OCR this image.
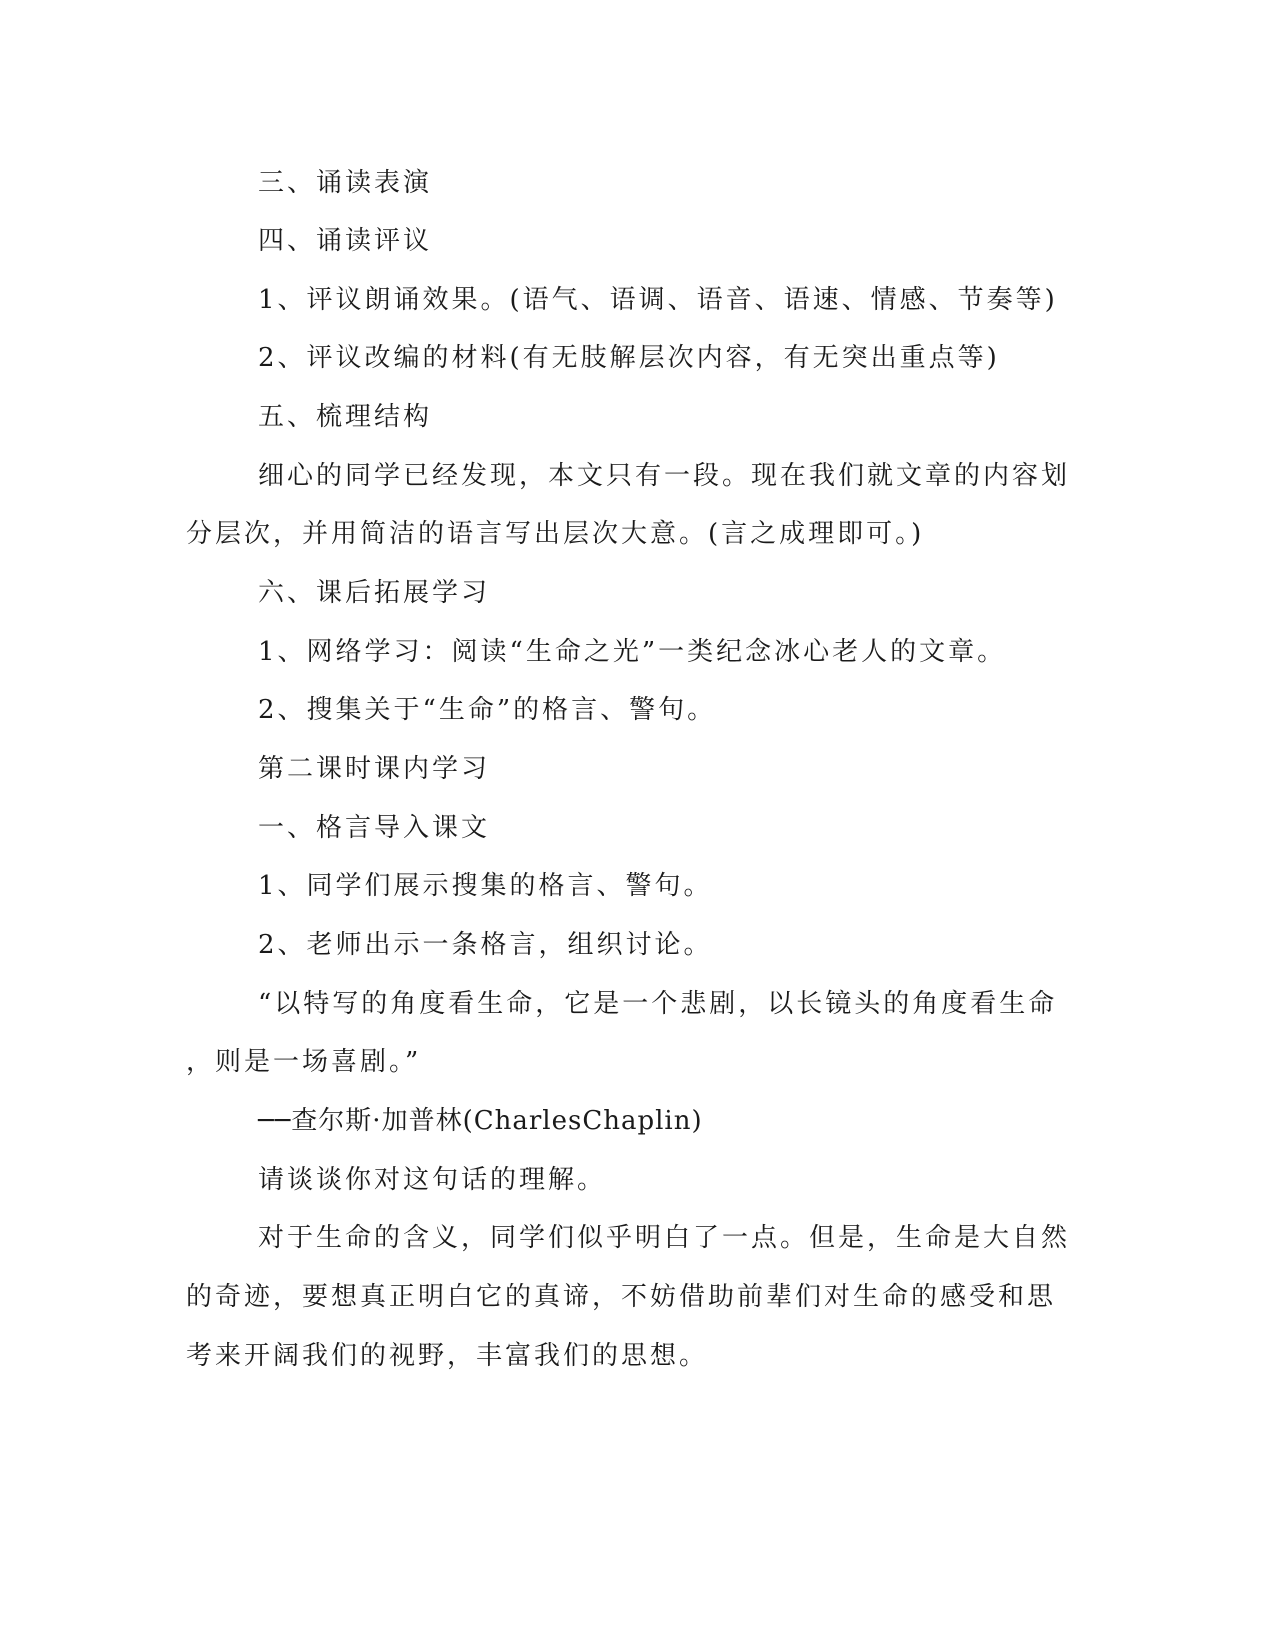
三、诵读表演
四、诵读评议
1、评议朗诵效果。(语气、语调、语音、语速、情感、节奏等)
2、评议改编的材料(有无肢解层次内容，有无突出重点等)
五、梳理结构
细心的同学已经发现，本文只有一段。现在我们就文章的内容划
分层次，并用简洁的语言写出层次大意。(言之成理即可。)
六、课后拓展学习
1、网络学习：阅读“生命之光”一类纪念冰心老人的文章。
2、搜集关于“生命”的格言、警句。
第二课时课内学习
一、格言导入课文
1、同学们展示搜集的格言、警句。
2、老师出示一条格言，组织讨论。
“以特写的角度看生命，它是一个悲剧，以长镜头的角度看生命
，则是一场喜剧。”
──查尔斯·加普林(CharlesChaplin)
请谈谈你对这句话的理解。
对于生命的含义，同学们似乎明白了一点。但是，生命是大自然
的奇迹，要想真正明白它的真谛，不妨借助前辈们对生命的感受和思
考来开阔我们的视野，丰富我们的思想。
